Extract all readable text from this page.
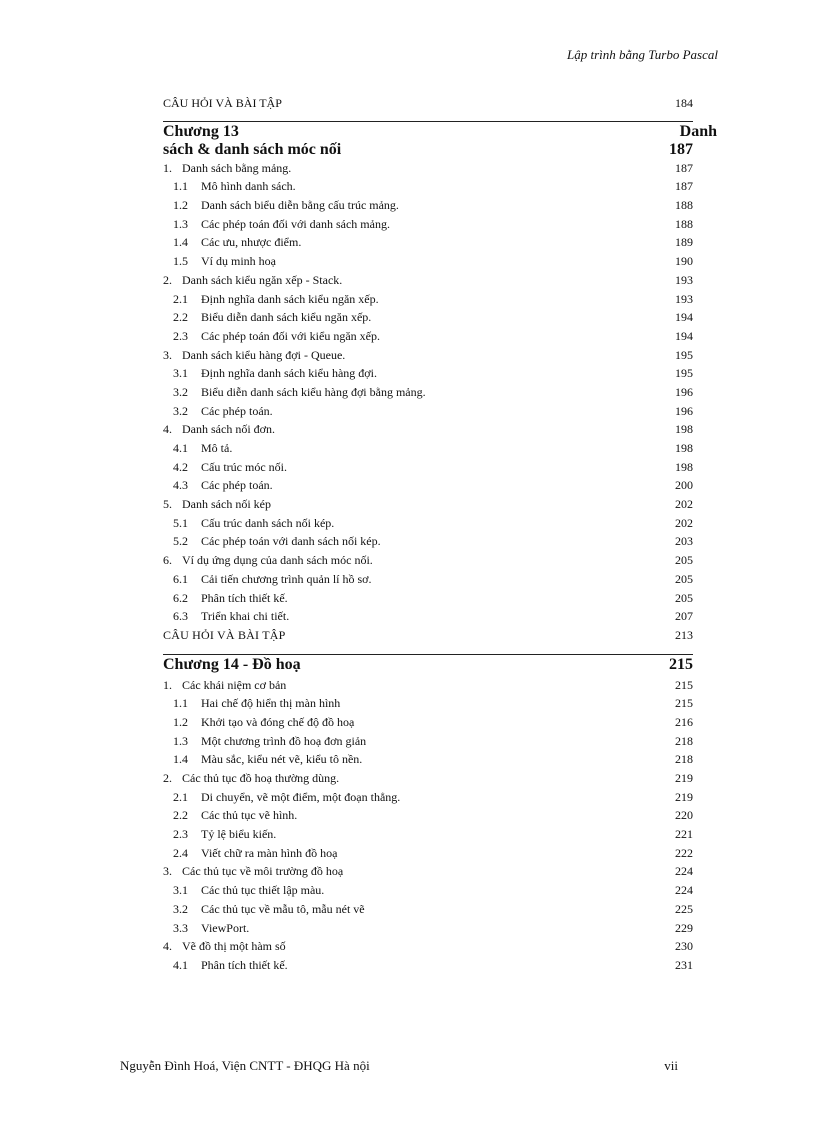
Lập trình bằng Turbo Pascal
CÂU HỎI VÀ BÀI TẬP	184
Chương 13	Danh
sách & danh sách móc nối	187
1. Danh sách bằng mảng.	187
1.1 Mô hình danh sách.	187
1.2 Danh sách biểu diễn bằng cấu trúc mảng.	188
1.3 Các phép toán đối với danh sách mảng.	188
1.4 Các ưu, nhược điểm.	189
1.5 Ví dụ minh hoạ	190
2. Danh sách kiểu ngăn xếp - Stack.	193
2.1 Định nghĩa danh sách kiểu ngăn xếp.	193
2.2 Biểu diễn danh sách kiểu ngăn xếp.	194
2.3 Các phép toán đối với kiểu ngăn xếp.	194
3. Danh sách kiểu hàng đợi - Queue.	195
3.1 Định nghĩa danh sách kiểu hàng đợi.	195
3.2 Biểu diễn danh sách kiểu hàng đợi bằng mảng.	196
3.2 Các phép toán.	196
4. Danh sách nối đơn.	198
4.1 Mô tả.	198
4.2 Cấu trúc móc nối.	198
4.3 Các phép toán.	200
5. Danh sách nối kép	202
5.1 Cấu trúc danh sách nối kép.	202
5.2 Các phép toán với danh sách nối kép.	203
6. Ví dụ ứng dụng của danh sách móc nối.	205
6.1 Cải tiến chương trình quản lí hồ sơ.	205
6.2 Phân tích thiết kế.	205
6.3 Triển khai chi tiết.	207
CÂU HỎI VÀ BÀI TẬP	213
Chương 14 - Đồ hoạ	215
1. Các khái niệm cơ bản	215
1.1 Hai chế độ hiển thị màn hình	215
1.2 Khởi tạo và đóng chế độ đồ hoạ	216
1.3 Một chương trình đồ hoạ đơn giản	218
1.4 Màu sắc, kiểu nét vẽ, kiểu tô nền.	218
2. Các thủ tục đồ hoạ thường dùng.	219
2.1 Di chuyển, vẽ một điểm, một đoạn thẳng.	219
2.2 Các thủ tục vẽ hình.	220
2.3 Tỷ lệ biểu kiến.	221
2.4 Viết chữ ra màn hình đồ hoạ	222
3. Các thủ tục về môi trường đồ hoạ	224
3.1 Các thủ tục thiết lập màu.	224
3.2 Các thủ tục về mẫu tô, mẫu nét vẽ	225
3.3 ViewPort.	229
4. Vẽ đồ thị một hàm số	230
4.1 Phân tích thiết kế.	231
Nguyễn Đình Hoá, Viện CNTT - ĐHQG Hà nội	vii
